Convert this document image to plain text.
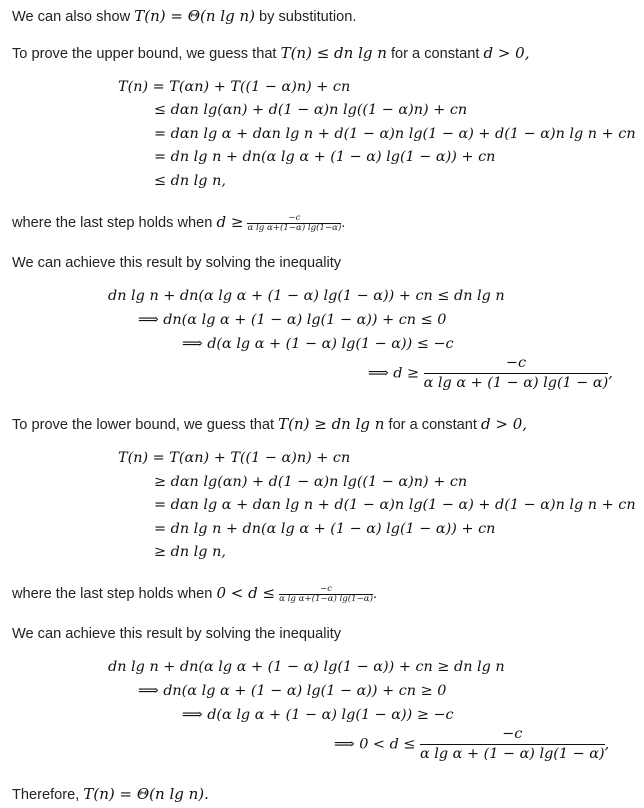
We can also show T(n) = Θ(n lg n) by substitution.
To prove the upper bound, we guess that T(n) ≤ dn lg n for a constant d > 0,
T(n) = T(αn) + T((1 − α)n) + cn
≤ dαn lg(αn) + d(1 − α)n lg((1 − α)n) + cn
= dαn lg α + dαn lg n + d(1 − α)n lg(1 − α) + d(1 − α)n lg n + cn
= dn lg n + dn(α lg α + (1 − α) lg(1 − α)) + cn
≤ dn lg n,
where the last step holds when $d \ge \frac{-c}{\text{α lg α+(1−α) lg(1−α)}}$ .
We can achieve this result by solving the inequality
dn lg n + dn(α lg α + (1 − α) lg(1 − α)) + cn ≤ dn lg n
⟹ dn(α lg α + (1 − α) lg(1 − α)) + cn ≤ 0
⟹ d(α lg α + (1 − α) lg(1 − α)) ≤ −c
⟹ $d \ge \frac{-c}{\text{α lg α + (1 − α) lg(1 − α)}}$ ,
To prove the lower bound, we guess that T(n) ≥ dn lg n for a constant d > 0,
T(n) = T(αn) + T((1 − α)n) + cn
≥ dαn lg(αn) + d(1 − α)n lg((1 − α)n) + cn
= dαn lg α + dαn lg n + d(1 − α)n lg(1 − α) + d(1 − α)n lg n + cn
= dn lg n + dn(α lg α + (1 − α) lg(1 − α)) + cn
≥ dn lg n,
where the last step holds when $0 < d \le \frac{-c}{\text{α lg α+(1−α) lg(1−α)}}$ .
We can achieve this result by solving the inequality
dn lg n + dn(α lg α + (1 − α) lg(1 − α)) + cn ≥ dn lg n
⟹ dn(α lg α + (1 − α) lg(1 − α)) + cn ≥ 0
⟹ d(α lg α + (1 − α) lg(1 − α)) ≥ −c
⟹ $0 < d \le \frac{-c}{\text{α lg α + (1 − α) lg(1 − α)}}$ ,
Therefore, T(n) = Θ(n lg n).
